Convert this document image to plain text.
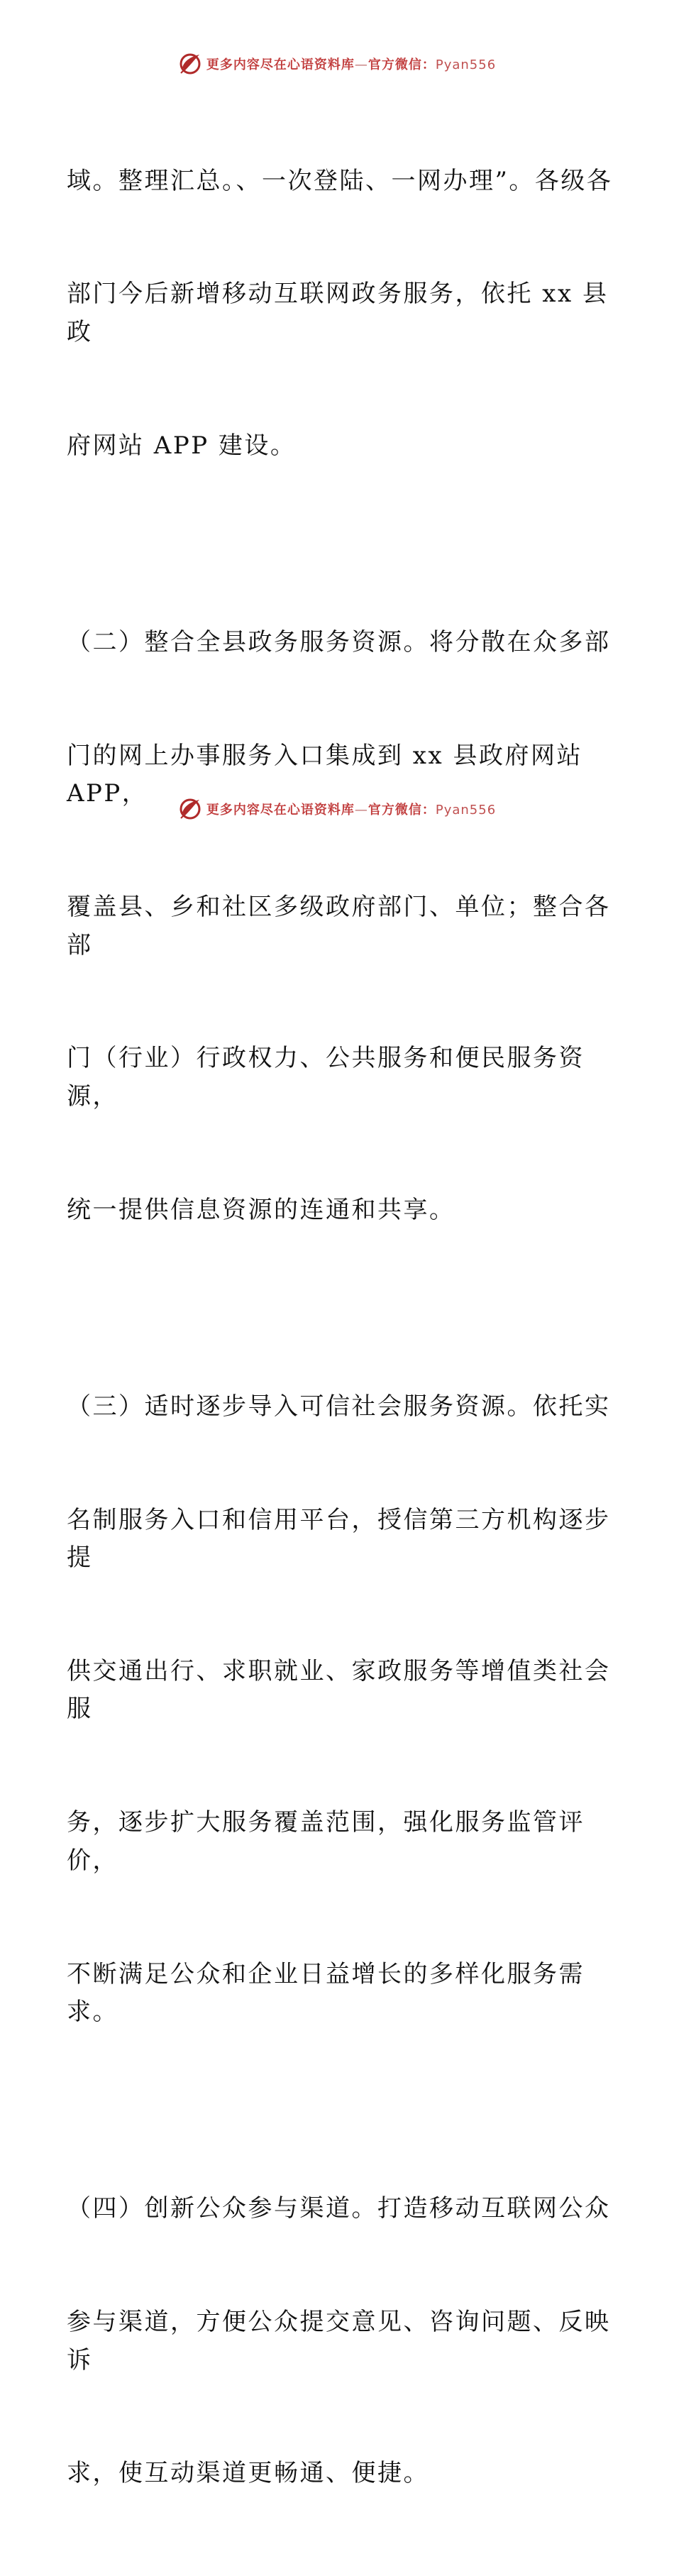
更多内容尽在心语资料库—官方微信：Pyan556

域。整理汇总。、一次登陆、一网办理”。各级各

部门今后新增移动互联网政务服务，依托 xx 县政

府网站 APP 建设。

（二）整合全县政务服务资源。将分散在众多部

门的网上办事服务入口集成到 xx 县政府网站 APP，

覆盖县、乡和社区多级政府部门、单位；整合各部

门（行业）行政权力、公共服务和便民服务资源，

统一提供信息资源的连通和共享。

（三）适时逐步导入可信社会服务资源。依托实

名制服务入口和信用平台，授信第三方机构逐步提

供交通出行、求职就业、家政服务等增值类社会服

务，逐步扩大服务覆盖范围，强化服务监管评价，

不断满足公众和企业日益增长的多样化服务需求。

（四）创新公众参与渠道。打造移动互联网公众

参与渠道，方便公众提交意见、咨询问题、反映诉

求，使互动渠道更畅通、便捷。

更多内容尽在心语资料库—官方微信：Pyan556
